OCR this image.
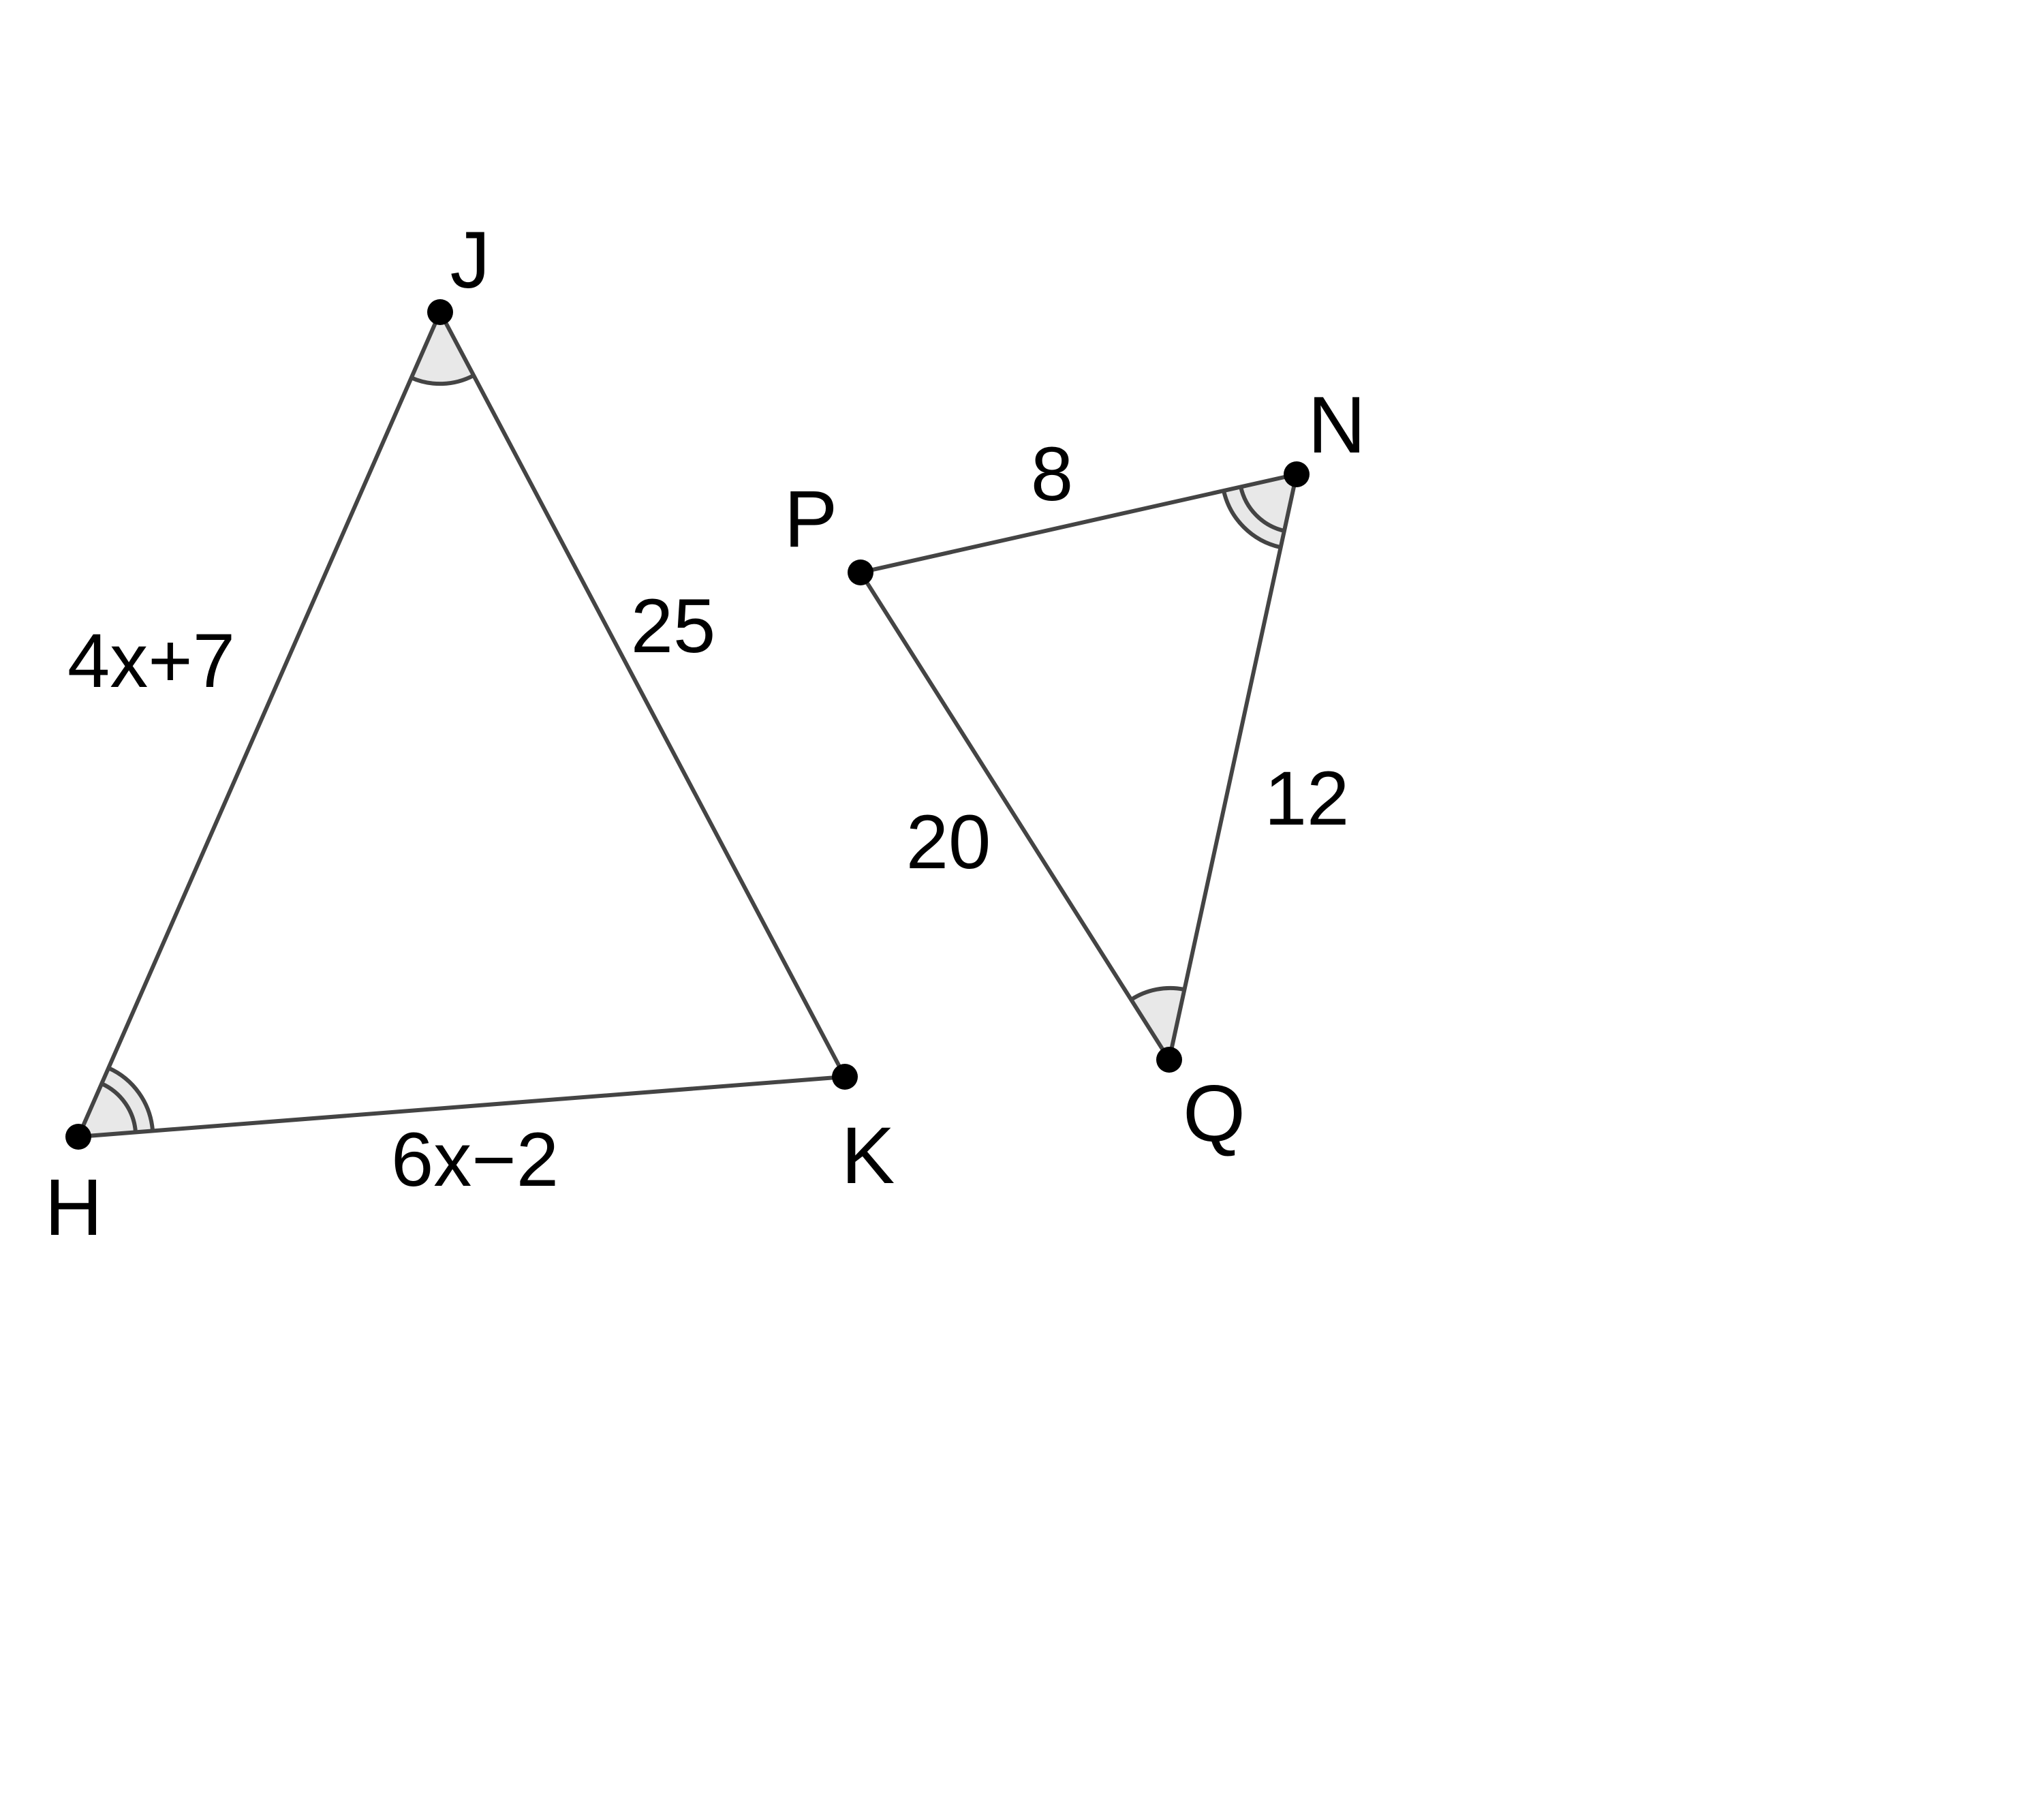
H
J
K
4x+7	25
6x−2
P
N
Q
8
12
20
